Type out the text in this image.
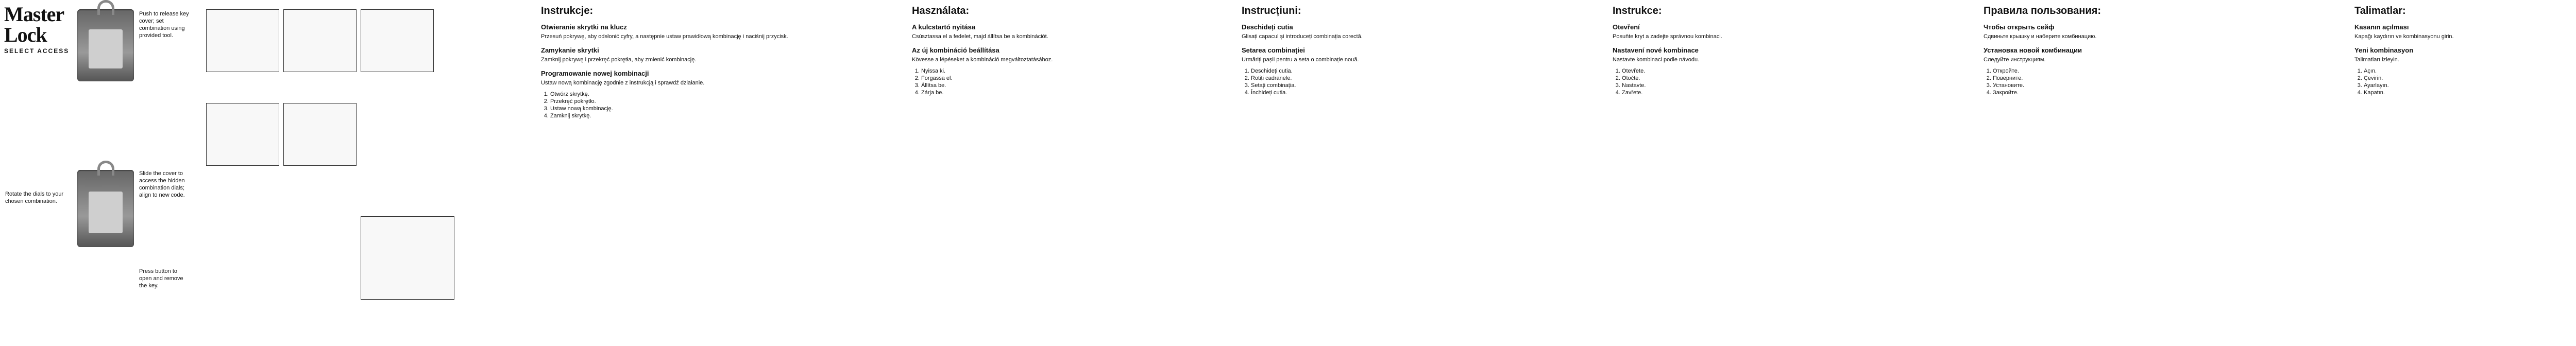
Master Lock
SELECT ACCESS
Push to release key cover; set combination using provided tool.
Slide the cover to access the hidden combination dials; align to new code.
Rotate the dials to your chosen combination.
Press button to open and remove the key.
Instrukcje:
Otwieranie skrytki na klucz
Przesuń pokrywę, aby odsłonić cyfry, a następnie ustaw prawidłową kombinację i naciśnij przycisk.
Zamykanie skrytki
Zamknij pokrywę i przekręć pokrętła, aby zmienić kombinację.
Programowanie nowej kombinacji
Ustaw nową kombinację zgodnie z instrukcją i sprawdź działanie.
1. Otwórz skrytkę.
2. Przekręć pokrętło.
3. Ustaw nową kombinację.
4. Zamknij skrytkę.
Használata:
A kulcstartó nyitása
Csúsztassa el a fedelet, majd állítsa be a kombinációt.
Az új kombináció beállítása
Kövesse a lépéseket a kombináció megváltoztatásához.
1. Nyissa ki.
2. Forgassa el.
3. Állítsa be.
4. Zárja be.
Instrucțiuni:
Deschideți cutia
Glisați capacul și introduceți combinația corectă.
Setarea combinației
Urmăriți pașii pentru a seta o combinație nouă.
1. Deschideți cutia.
2. Rotiți cadranele.
3. Setați combinația.
4. Închideți cutia.
Instrukce:
Otevření
Posuňte kryt a zadejte správnou kombinaci.
Nastavení nové kombinace
Nastavte kombinaci podle návodu.
1. Otevřete.
2. Otočte.
3. Nastavte.
4. Zavřete.
Правила пользования:
Чтобы открыть сейф
Сдвиньте крышку и наберите комбинацию.
Установка новой комбинации
Следуйте инструкциям.
1. Откройте.
2. Поверните.
3. Установите.
4. Закройте.
Talimatlar:
Kasanın açılması
Kapağı kaydırın ve kombinasyonu girin.
Yeni kombinasyon
Talimatları izleyin.
1. Açın.
2. Çevirin.
3. Ayarlayın.
4. Kapatın.
